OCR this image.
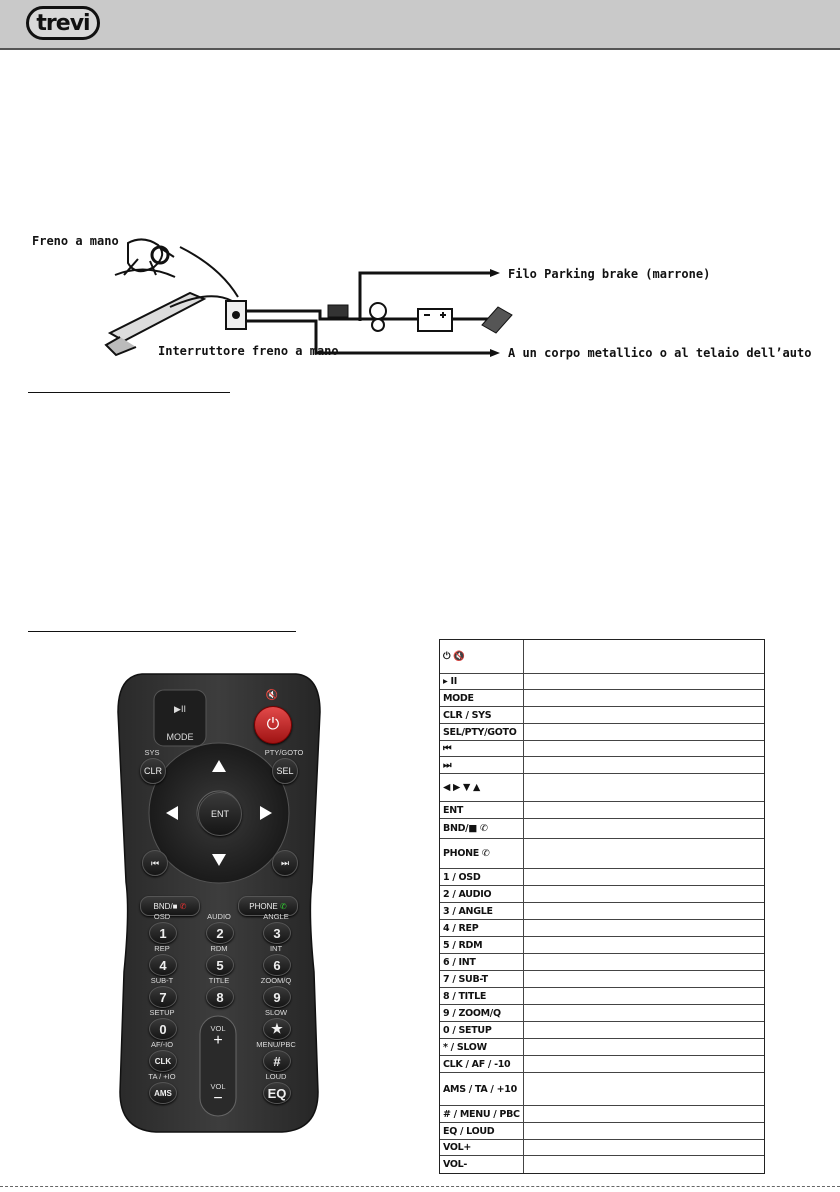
trevi
Freno a mano
Interruttore freno a mano
Filo Parking brake (marrone)
A un corpo metallico o al telaio dell’auto
▶II
MODE
🔇
⏻
SYS
CLR
PTY/GOTO
SEL
ENT
⏮	⏭
BND/■ ✆	PHONE ✆
VOL
+
VOL
−
OSD
1
AUDIO
2
ANGLE
3
REP
4
RDM
5
INT
6
SUB-T
7
TITLE
8
ZOOM/Q
9
SETUP
0
SLOW
★
AF/-IO
CLK
MENU/PBC
#
TA / +IO
AMS
LOUD
EQ
⏻ 🔇
▸ II
MODE
CLR / SYS
SEL/PTY/GOTO
⏮
⏭
◀ ▶ ▼ ▲
ENT
BND/■ ✆
PHONE ✆
1 / OSD
2 / AUDIO
3 / ANGLE
4 / REP
5 / RDM
6 / INT
7 / SUB-T
8 / TITLE
9 / ZOOM/Q
0 / SETUP
* / SLOW
CLK / AF / -10
AMS / TA / +10
# / MENU / PBC
EQ / LOUD
VOL+
VOL-
